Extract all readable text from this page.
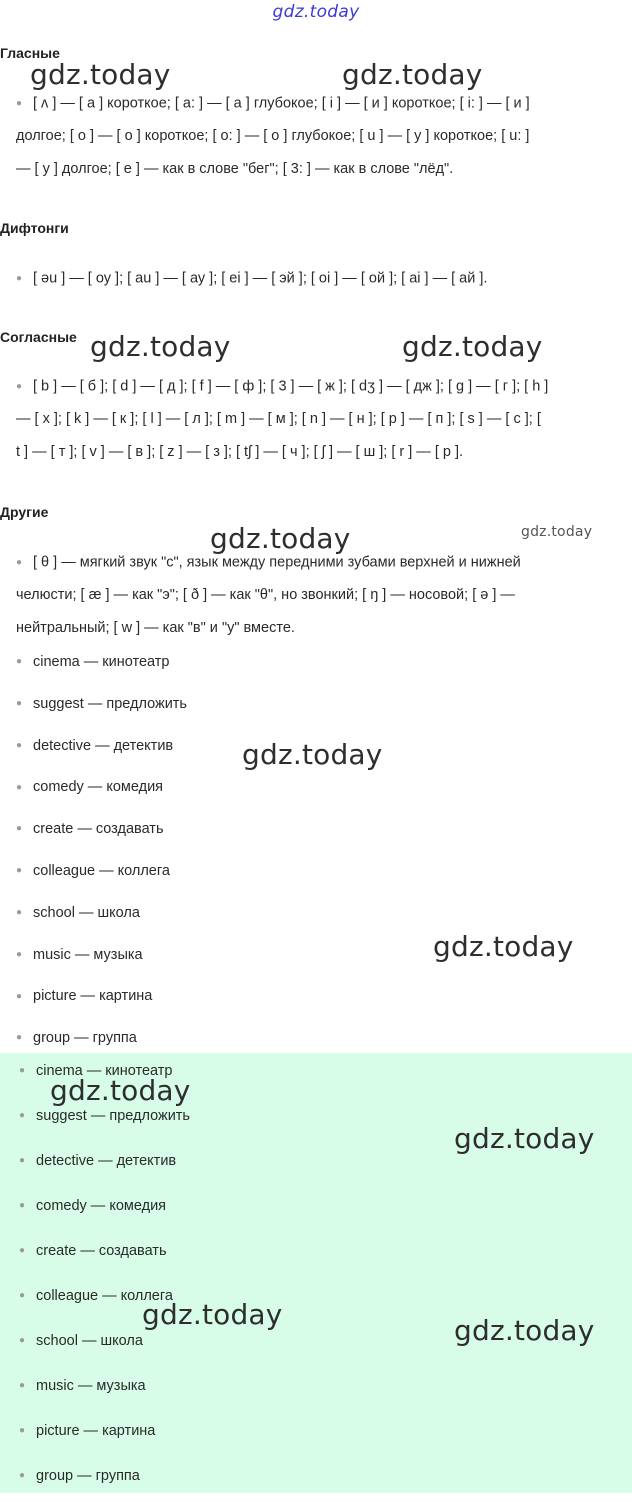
gdz.today
Гласные
● [ ʌ ] — [ а ] короткое; [ a: ] — [ а ] глубокое; [ i ] — [ и ] короткое; [ i: ] — [ и ]
долгое; [ o ] — [ о ] короткое; [ o: ] — [ о ] глубокое; [ u ] — [ у ] короткое; [ u: ]
— [ у ] долгое; [ e ] — как в слове "бег"; [ 3: ] — как в слове "лёд".
Дифтонги
● [ əu ] — [ оу ]; [ au ] — [ ау ]; [ ei ] — [ эй ]; [ oi ] — [ ой ]; [ ai ] — [ ай ].
Согласные
● [ b ] — [ б ]; [ d ] — [ д ]; [ f ] — [ ф ]; [ 3 ] — [ ж ]; [ dʒ ] — [ дж ]; [ g ] — [ г ]; [ h ]
— [ х ]; [ k ] — [ к ]; [ l ] — [ л ]; [ m ] — [ м ]; [ n ] — [ н ]; [ p ] — [ п ]; [ s ] — [ с ]; [
t ] — [ т ]; [ v ] — [ в ]; [ z ] — [ з ]; [ tʃ ] — [ ч ]; [ ʃ ] — [ ш ]; [ r ] — [ р ].
Другие
● [ θ ] — мягкий звук "с", язык между передними зубами верхней и нижней
челюсти; [ æ ] — как "э"; [ ð ] — как "θ", но звонкий; [ ŋ ] — носовой; [ ə ] —
нейтральный; [ w ] — как "в" и "у" вместе.
● cinema — кинотеатр
● suggest — предложить
● detective — детектив
● comedy — комедия
● create — создавать
● colleague — коллега
● school — школа
● music — музыка
● picture — картина
● group — группа
● cinema — кинотеатр
● suggest — предложить
● detective — детектив
● comedy — комедия
● create — создавать
● colleague — коллега
● school — школа
● music — музыка
● picture — картина
● group — группа
gdz.today	gdz.today
gdz.today	gdz.today
gdz.today	gdz.today
gdz.today
gdz.today
gdz.today
gdz.today
gdz.today	gdz.today
